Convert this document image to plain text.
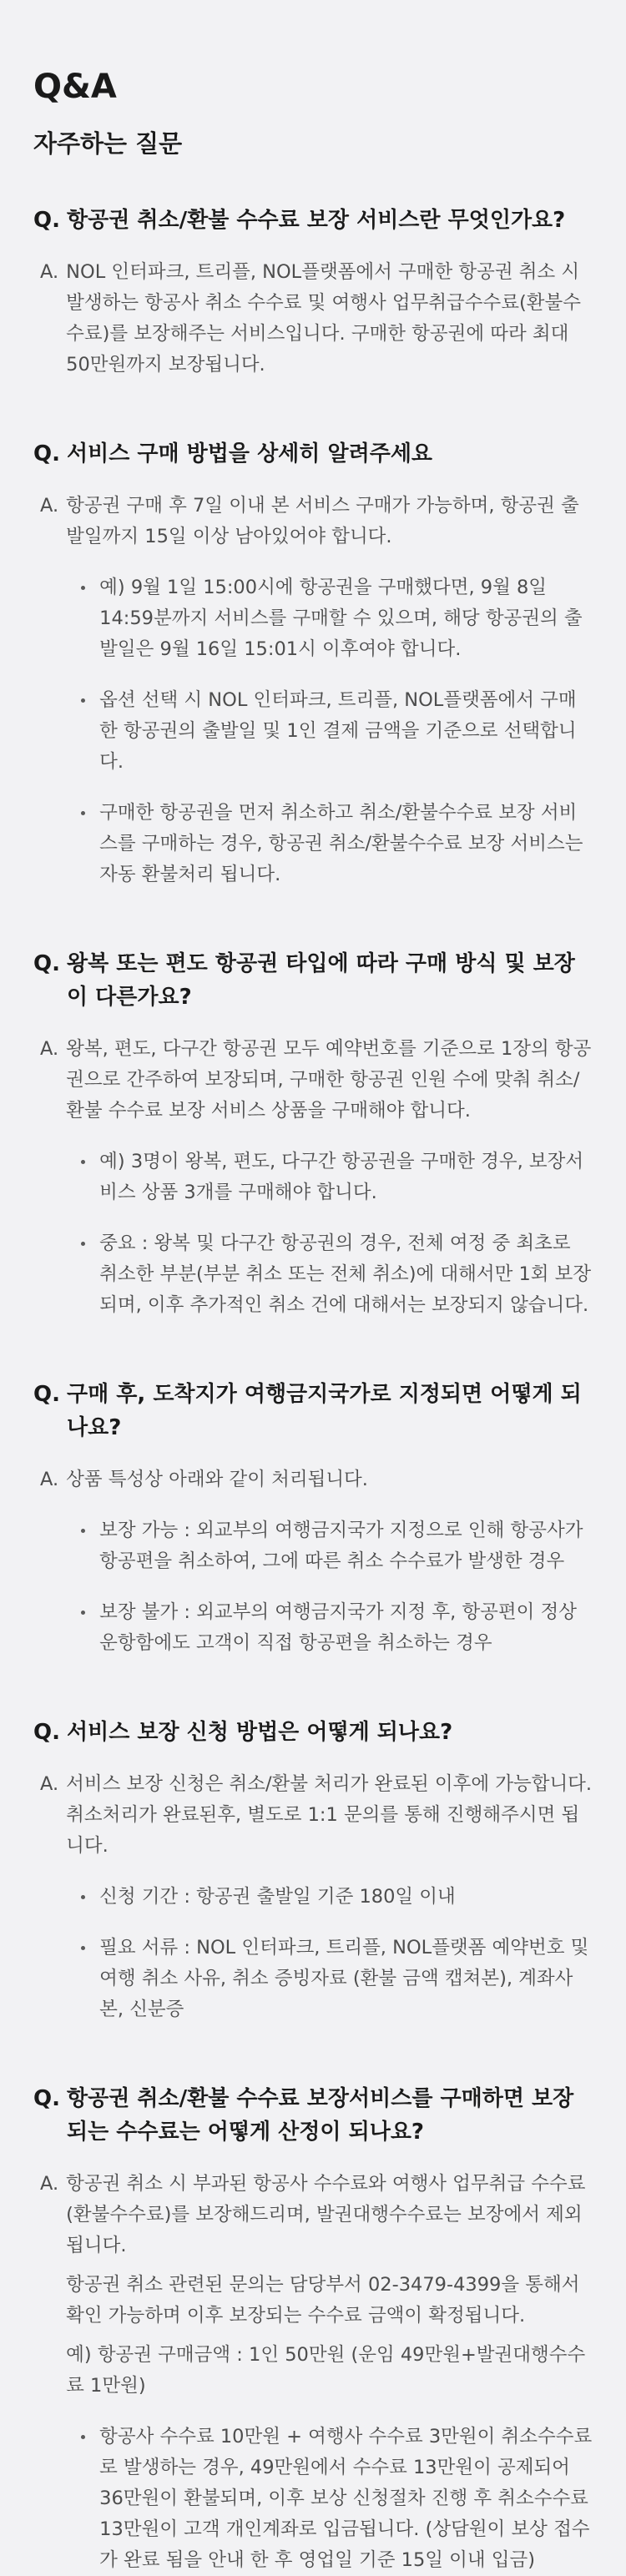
Q&A
자주하는 질문
Q. 항공권 취소/환불 수수료 보장 서비스란 무엇인가요?
A. NOL 인터파크, 트리플, NOL플랫폼에서 구매한 항공권 취소 시 발생하는 항공사 취소 수수료 및 여행사 업무취급수수료(환불수수료)를 보장해주는 서비스입니다. 구매한 항공권에 따라 최대 50만원까지 보장됩니다.
Q. 서비스 구매 방법을 상세히 알려주세요
A. 항공권 구매 후 7일 이내 본 서비스 구매가 가능하며, 항공권 출발일까지 15일 이상 남아있어야 합니다.
예) 9월 1일 15:00시에 항공권을 구매했다면, 9월 8일 14:59분까지 서비스를 구매할 수 있으며, 해당 항공권의 출발일은 9월 16일 15:01시 이후여야 합니다.
옵션 선택 시 NOL 인터파크, 트리플, NOL플랫폼에서 구매한 항공권의 출발일 및 1인 결제 금액을 기준으로 선택합니다.
구매한 항공권을 먼저 취소하고 취소/환불수수료 보장 서비스를 구매하는 경우, 항공권 취소/환불수수료 보장 서비스는 자동 환불처리 됩니다.
Q. 왕복 또는 편도 항공권 타입에 따라 구매 방식 및 보장이 다른가요?
A. 왕복, 편도, 다구간 항공권 모두 예약번호를 기준으로 1장의 항공권으로 간주하여 보장되며, 구매한 항공권 인원 수에 맞춰 취소/환불 수수료 보장 서비스 상품을 구매해야 합니다.
예) 3명이 왕복, 편도, 다구간 항공권을 구매한 경우, 보장서비스 상품 3개를 구매해야 합니다.
중요 : 왕복 및 다구간 항공권의 경우, 전체 여정 중 최초로 취소한 부분(부분 취소 또는 전체 취소)에 대해서만 1회 보장되며, 이후 추가적인 취소 건에 대해서는 보장되지 않습니다.
Q. 구매 후, 도착지가 여행금지국가로 지정되면 어떻게 되나요?
A. 상품 특성상 아래와 같이 처리됩니다.
보장 가능 : 외교부의 여행금지국가 지정으로 인해 항공사가 항공편을 취소하여, 그에 따른 취소 수수료가 발생한 경우
보장 불가 : 외교부의 여행금지국가 지정 후, 항공편이 정상 운항함에도 고객이 직접 항공편을 취소하는 경우
Q. 서비스 보장 신청 방법은 어떻게 되나요?
A. 서비스 보장 신청은 취소/환불 처리가 완료된 이후에 가능합니다. 취소처리가 완료된후, 별도로 1:1 문의를 통해 진행해주시면 됩니다.
신청 기간 : 항공권 출발일 기준 180일 이내
필요 서류 : NOL 인터파크, 트리플, NOL플랫폼 예약번호 및 여행 취소 사유, 취소 증빙자료 (환불 금액 캡쳐본), 계좌사본, 신분증
Q. 항공권 취소/환불 수수료 보장서비스를 구매하면 보장되는 수수료는 어떻게 산정이 되나요?
A. 항공권 취소 시 부과된 항공사 수수료와 여행사 업무취급 수수료(환불수수료)를 보장해드리며, 발권대행수수료는 보장에서 제외됩니다.
항공권 취소 관련된 문의는 담당부서 02-3479-4399을 통해서 확인 가능하며 이후 보장되는 수수료 금액이 확정됩니다.
예) 항공권 구매금액 : 1인 50만원 (운임 49만원+발권대행수수료 1만원)
항공사 수수료 10만원 + 여행사 수수료 3만원이 취소수수료로 발생하는 경우, 49만원에서 수수료 13만원이 공제되어 36만원이 환불되며, 이후 보상 신청절차 진행 후 취소수수료 13만원이 고객 개인계좌로 입금됩니다. (상담원이 보상 접수가 완료 됨을 안내 한 후 영업일 기준 15일 이내 입금)
